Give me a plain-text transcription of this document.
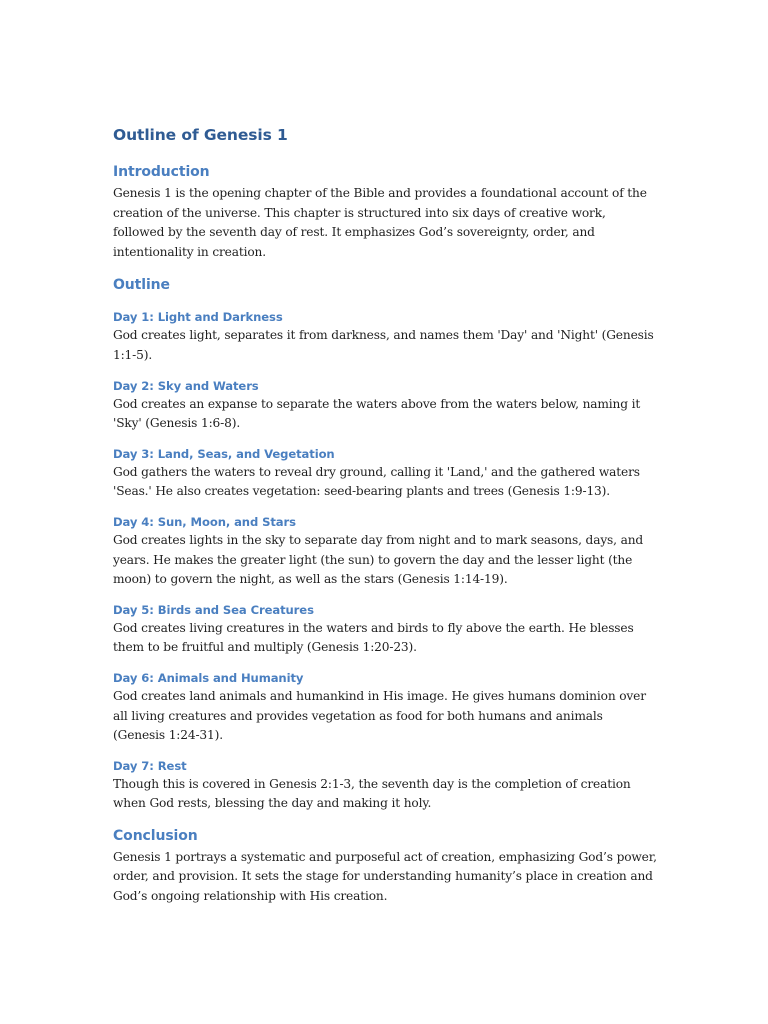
Outline of Genesis 1
Introduction

Genesis 1 is the opening chapter of the Bible and provides a foundational account of the creation of the universe. This chapter is structured into six days of creative work, followed by the seventh day of rest. It emphasizes God’s sovereignty, order, and intentionality in creation.

Outline
Day 1: Light and Darkness

God creates light, separates it from darkness, and names them 'Day' and 'Night' (Genesis 1:1-5).

Day 2: Sky and Waters

God creates an expanse to separate the waters above from the waters below, naming it 'Sky' (Genesis 1:6-8).

Day 3: Land, Seas, and Vegetation

God gathers the waters to reveal dry ground, calling it 'Land,' and the gathered waters 'Seas.' He also creates vegetation: seed-bearing plants and trees (Genesis 1:9-13).

Day 4: Sun, Moon, and Stars

God creates lights in the sky to separate day from night and to mark seasons, days, and years. He makes the greater light (the sun) to govern the day and the lesser light (the moon) to govern the night, as well as the stars (Genesis 1:14-19).

Day 5: Birds and Sea Creatures

God creates living creatures in the waters and birds to fly above the earth. He blesses them to be fruitful and multiply (Genesis 1:20-23).

Day 6: Animals and Humanity

God creates land animals and humankind in His image. He gives humans dominion over all living creatures and provides vegetation as food for both humans and animals (Genesis 1:24-31).

Day 7: Rest

Though this is covered in Genesis 2:1-3, the seventh day is the completion of creation when God rests, blessing the day and making it holy.

Conclusion

Genesis 1 portrays a systematic and purposeful act of creation, emphasizing God’s power, order, and provision. It sets the stage for understanding humanity’s place in creation and God’s ongoing relationship with His creation.
